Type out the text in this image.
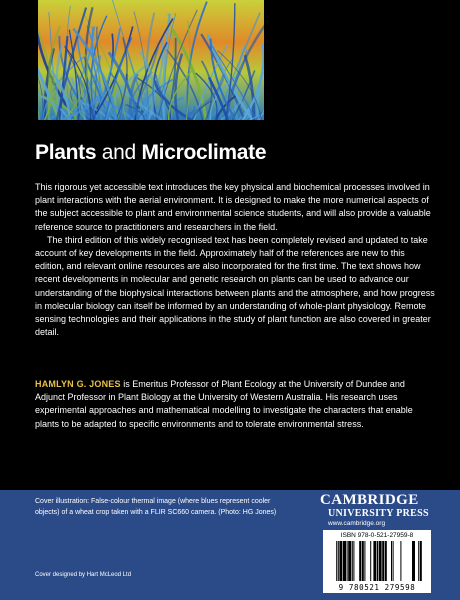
Plants and Microclimate

This rigorous yet accessible text introduces the key physical and biochemical processes involved in plant interactions with the aerial environment. It is designed to make the more numerical aspects of the subject accessible to plant and environmental science students, and will also provide a valuable reference source to practitioners and researchers in the field.

The third edition of this widely recognised text has been completely revised and updated to take account of key developments in the field. Approximately half of the references are new to this edition, and relevant online resources are also incorporated for the first time. The text shows how recent developments in molecular and genetic research on plants can be used to advance our understanding of the biophysical interactions between plants and the atmosphere, and how progress in molecular biology can itself be informed by an understanding of whole-plant physiology. Remote sensing technologies and their applications in the study of plant function are also covered in greater detail.

HAMLYN G. JONES is Emeritus Professor of Plant Ecology at the University of Dundee and Adjunct Professor in Plant Biology at the University of Western Australia. His research uses experimental approaches and mathematical modelling to investigate the characters that enable plants to be adapted to specific environments and to tolerate environmental stress.
Cover illustration: False-colour thermal image (where blues represent cooler objects) of a wheat crop taken with a FLIR SC660 camera. (Photo: HG Jones)
Cover designed by Hart McLeod Ltd
CAMBRIDGE
UNIVERSITY PRESS
www.cambridge.org
ISBN 978-0-521-27959-8
9 780521 279598
